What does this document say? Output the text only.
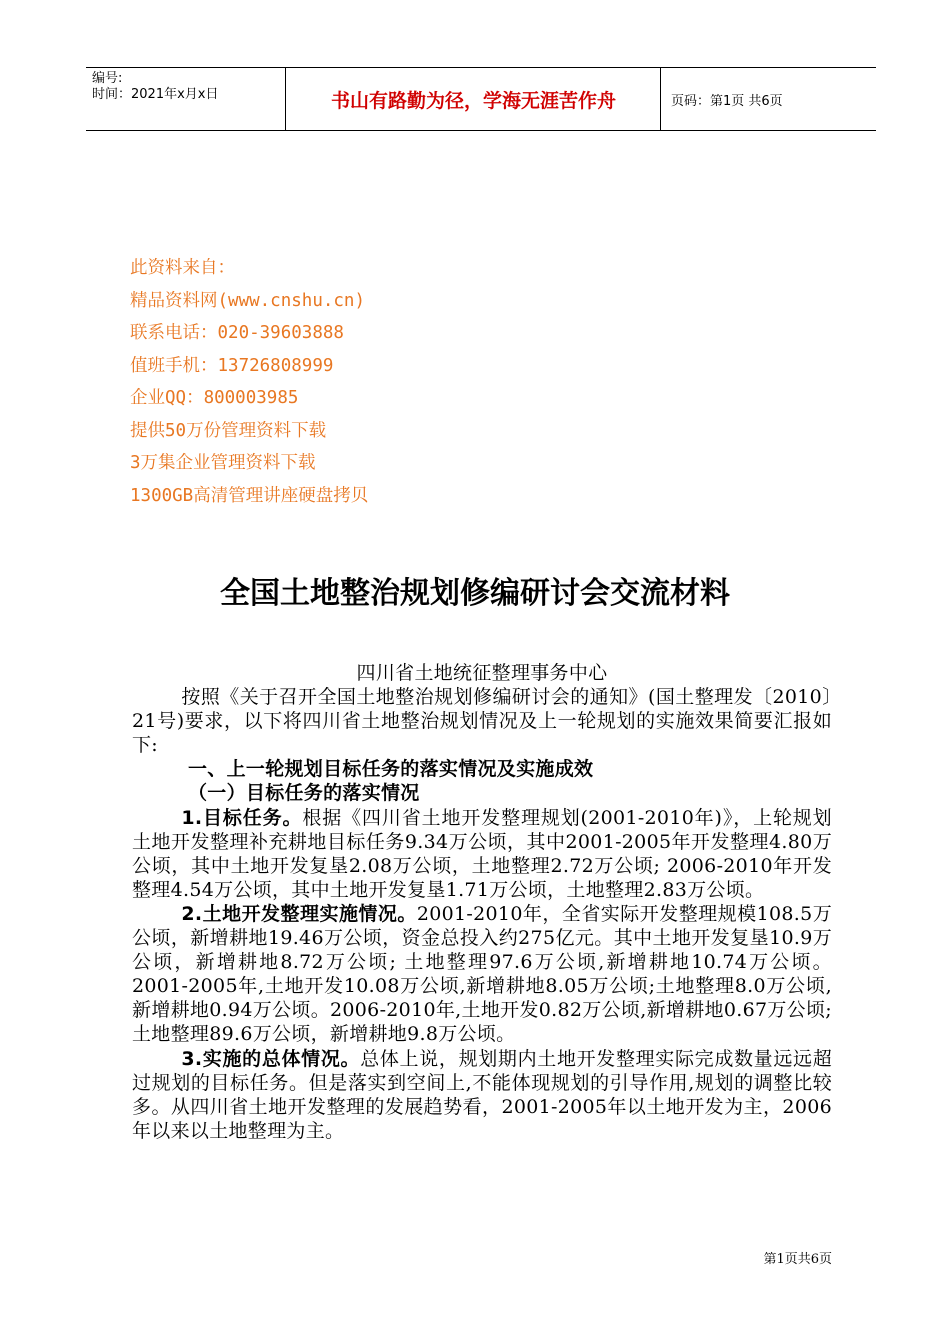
编号:
时间：2021年x月x日	书山有路勤为径，学海无涯苦作舟	页码：第1页 共6页
此资料来自：
精品资料网(www.cnshu.cn)
联系电话：020-39603888
值班手机：13726808999
企业QQ：800003985
提供50万份管理资料下载
3万集企业管理资料下载
1300GB高清管理讲座硬盘拷贝
全国土地整治规划修编研讨会交流材料

四川省土地统征整理事务中心

按照《关于召开全国土地整治规划修编研讨会的通知》(国土整理发〔2010〕21号)要求，以下将四川省土地整治规划情况及上一轮规划的实施效果简要汇报如下:

一、上一轮规划目标任务的落实情况及实施成效

（一）目标任务的落实情况

1.目标任务。根据《四川省土地开发整理规划(2001-2010年)》，上轮规划土地开发整理补充耕地目标任务9.34万公顷，其中2001-2005年开发整理4.80万公顷，其中土地开发复垦2.08万公顷，土地整理2.72万公顷; 2006-2010年开发整理4.54万公顷，其中土地开发复垦1.71万公顷，土地整理2.83万公顷。

2.土地开发整理实施情况。2001-2010年，全省实际开发整理规模108.5万公顷，新增耕地19.46万公顷，资金总投入约275亿元。其中土地开发复垦10.9万公顷，新增耕地8.72万公顷; 土地整理97.6万公顷,新增耕地10.74万公顷。2001-2005年,土地开发10.08万公顷,新增耕地8.05万公顷;土地整理8.0万公顷,新增耕地0.94万公顷。2006-2010年,土地开发0.82万公顷,新增耕地0.67万公顷;土地整理89.6万公顷，新增耕地9.8万公顷。

3.实施的总体情况。总体上说，规划期内土地开发整理实际完成数量远远超过规划的目标任务。但是落实到空间上,不能体现规划的引导作用,规划的调整比较多。从四川省土地开发整理的发展趋势看，2001-2005年以土地开发为主，2006年以来以土地整理为主。

第1页共6页
